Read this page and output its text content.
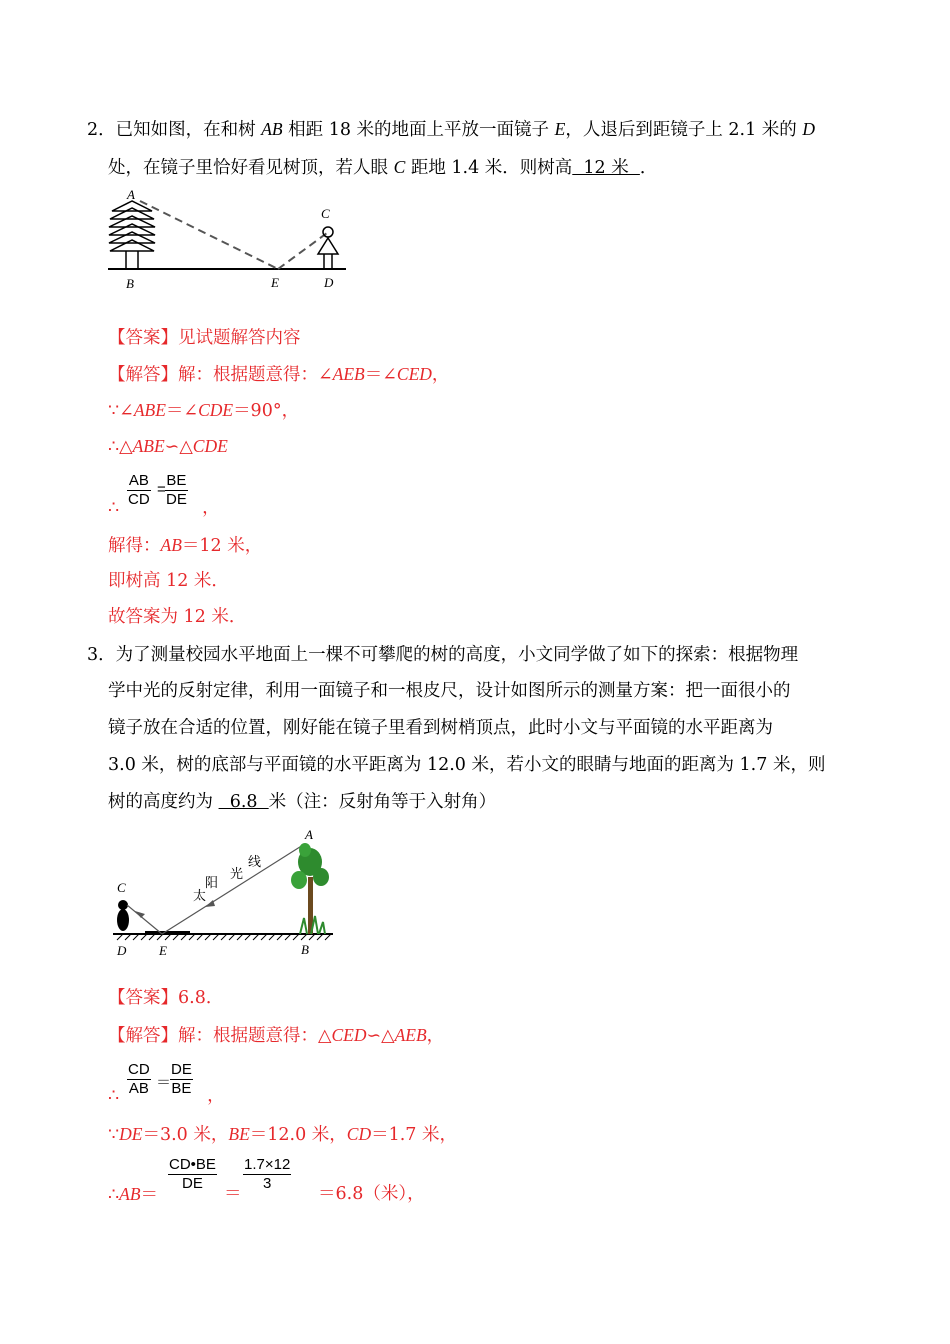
2．已知如图，在和树 AB 相距 18 米的地面上平放一面镜子 E，人退后到距镜子上 2.1 米的 D
处，在镜子里恰好看见树顶，若人眼 C 距地 1.4 米．则树高  12 米  ．
A
B
C
D
E
【答案】见试题解答内容
【解答】解：根据题意得：∠AEB＝∠CED，
∵∠ABE＝∠CDE＝90°，
∴△ABE∽△CDE
$\frac{AB}{CD} = \frac{BE}{DE}$
∴	，
解得：AB＝12 米，
即树高 12 米．
故答案为 12 米．
3．为了测量校园水平地面上一棵不可攀爬的树的高度，小文同学做了如下的探索：根据物理
学中光的反射定律，利用一面镜子和一根皮尺，设计如图所示的测量方案：把一面很小的
镜子放在合适的位置，刚好能在镜子里看到树梢顶点，此时小文与平面镜的水平距离为
3.0 米，树的底部与平面镜的水平距离为 12.0 米，若小文的眼睛与地面的距离为 1.7 米，则
树的高度约为   6.8  米（注：反射角等于入射角）
C
D	E	B
A
太
阳
光
线
【答案】6.8．
【解答】解：根据题意得：△CED∽△AEB，
$\frac{CD}{AB}$ ＝
$\frac{DE}{BE}$
∴	，
∵DE＝3.0 米，BE＝12.0 米，CD＝1.7 米，
∴AB＝
$\frac{CD•BE}{DE}$
＝
$\frac{1.7\times 12}{3}$
＝6.8（米），
